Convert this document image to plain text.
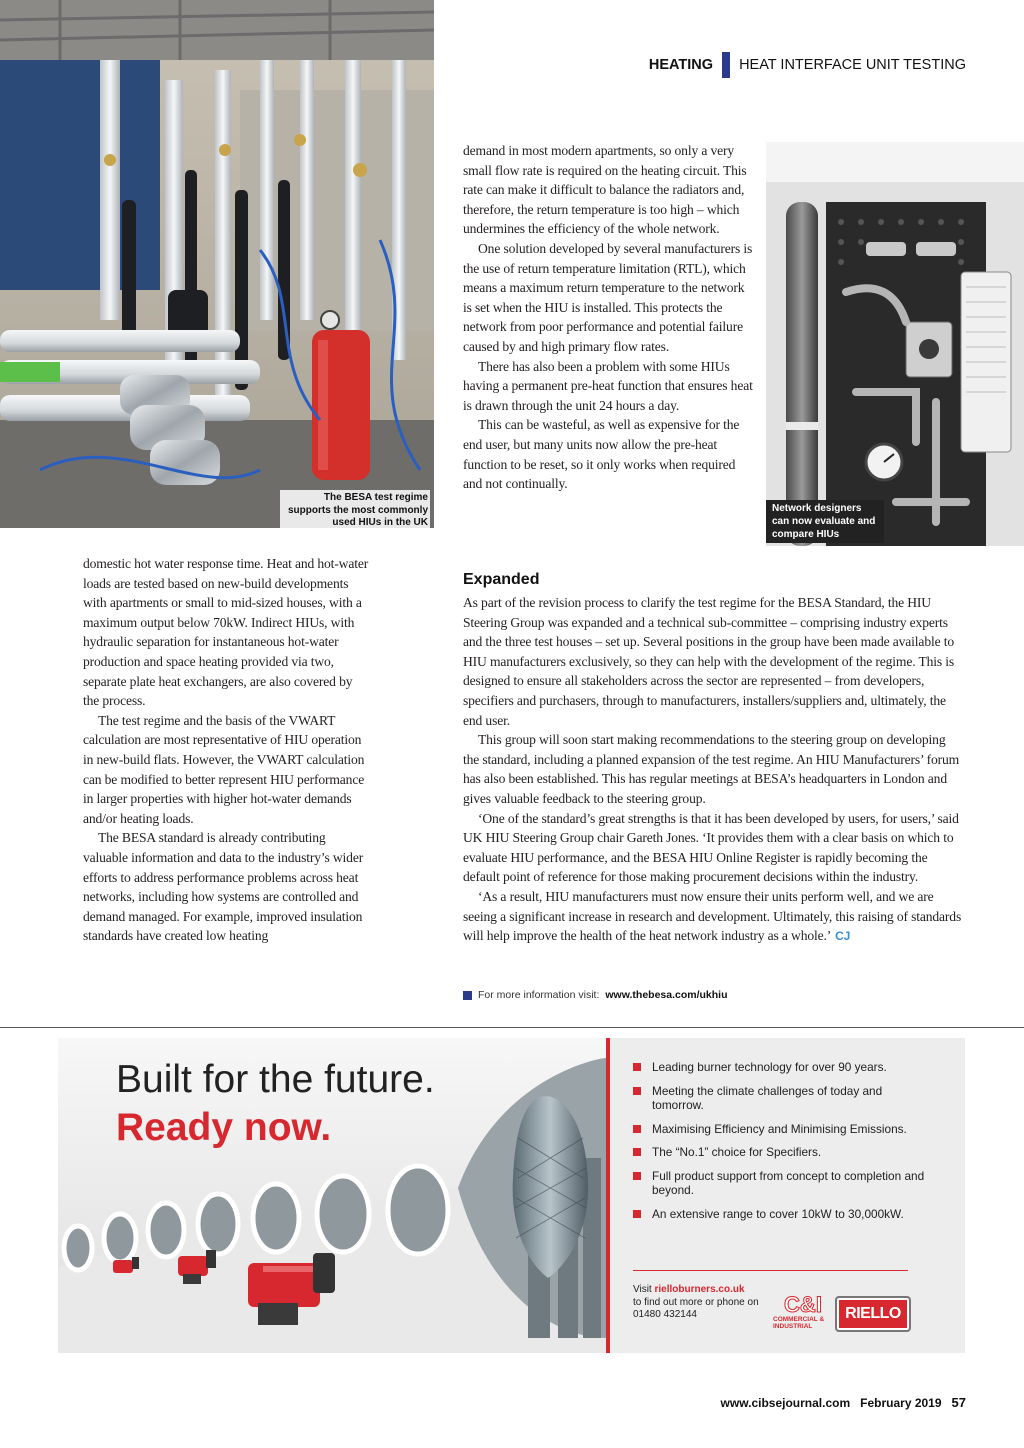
HEATING HEAT INTERFACE UNIT TESTING
The BESA test regime supports the most commonly used HIUs in the UK
Network designers can now evaluate and compare HIUs

domestic hot water response time. Heat and hot-water loads are tested based on new-build developments with apartments or small to mid-sized houses, with a maximum output below 70kW. Indirect HIUs, with hydraulic separation for instantaneous hot-water production and space heating provided via two, separate plate heat exchangers, are also covered by the process.

The test regime and the basis of the VWART calculation are most representative of HIU operation in new-build flats. However, the VWART calculation can be modified to better represent HIU performance in larger properties with higher hot-water demands and/or heating loads.

The BESA standard is already contributing valuable information and data to the industry’s wider efforts to address performance problems across heat networks, including how systems are controlled and demand managed. For example, improved insulation standards have created low heating

demand in most modern apartments, so only a very small flow rate is required on the heating circuit. This rate can make it difficult to balance the radiators and, therefore, the return temperature is too high – which undermines the efficiency of the whole network.

One solution developed by several manufacturers is the use of return temperature limitation (RTL), which means a maximum return temperature to the network is set when the HIU is installed. This protects the network from poor performance and potential failure caused by and high primary flow rates.

There has also been a problem with some HIUs having a permanent pre-heat function that ensures heat is drawn through the unit 24 hours a day.

This can be wasteful, as well as expensive for the end user, but many units now allow the pre-heat function to be reset, so it only works when required and not continually.

Expanded

As part of the revision process to clarify the test regime for the BESA Standard, the HIU Steering Group was expanded and a technical sub-committee – comprising industry experts and the three test houses – set up. Several positions in the group have been made available to HIU manufacturers exclusively, so they can help with the development of the regime. This is designed to ensure all stakeholders across the sector are represented – from developers, specifiers and purchasers, through to manufacturers, installers/suppliers and, ultimately, the end user.

This group will soon start making recommendations to the steering group on developing the standard, including a planned expansion of the test regime. An HIU Manufacturers’ forum has also been established. This has regular meetings at BESA’s headquarters in London and gives valuable feedback to the steering group.

‘One of the standard’s great strengths is that it has been developed by users, for users,’ said UK HIU Steering Group chair Gareth Jones. ‘It provides them with a clear basis on which to evaluate HIU performance, and the BESA HIU Online Register is rapidly becoming the default point of reference for those making procurement decisions within the industry.

‘As a result, HIU manufacturers must now ensure their units perform well, and we are seeing a significant increase in research and development. Ultimately, this raising of standards will help improve the health of the heat network industry as a whole.’ CJ

For more information visit: www.thebesa.com/ukhiu
Built for the future.
Ready now.
Leading burner technology for over 90 years.
Meeting the climate challenges of today and tomorrow.
Maximising Efficiency and Minimising Emissions.
The “No.1” choice for Specifiers.
Full product support from concept to completion and beyond.
An extensive range to cover 10kW to 30,000kW.
Visit rielloburners.co.uk
to find out more or phone on 01480 432144	C&I
COMMERCIAL & INDUSTRIAL
RIELLO
www.cibsejournal.com February 2019 57
